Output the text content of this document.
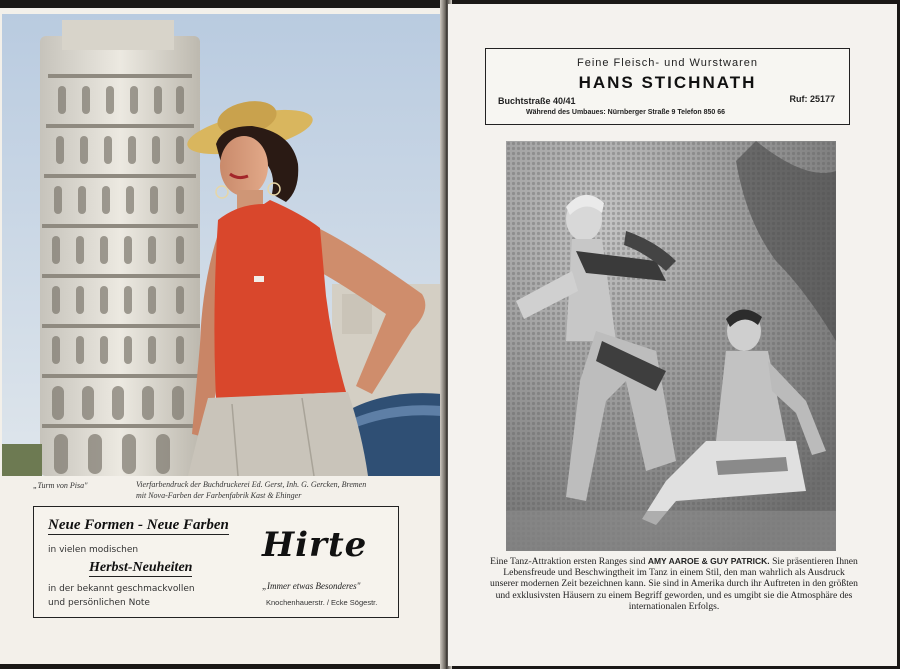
„Turm von Pisa"	Vierfarbendruck der Buchdruckerei Ed. Gerst, Inh. G. Gercken, Bremen
mit Nova-Farben der Farbenfabrik Kast & Ehinger
Neue Formen - Neue Farben
in vielen modischen
Herbst-Neuheiten
in der bekannt geschmackvollen
und persönlichen Note
Hirte
„Immer etwas Besonderes"
Knochenhauerstr. / Ecke Sögestr.
Feine Fleisch- und Wurstwaren
HANS STICHNATH
Buchtstraße 40/41	Ruf: 25177
Während des Umbaues: Nürnberger Straße 9 Telefon 850 66
Eine Tanz-Attraktion ersten Ranges sind AMY AAROE & GUY PATRICK. Sie präsentieren Ihnen Lebensfreude und Beschwingtheit im Tanz in einem Stil, den man wahrlich als Ausdruck unserer modernen Zeit bezeichnen kann. Sie sind in Amerika durch ihr Auftreten in den größten und exklusivsten Häusern zu einem Begriff geworden, und es umgibt sie die Atmosphäre des internationalen Erfolgs.
